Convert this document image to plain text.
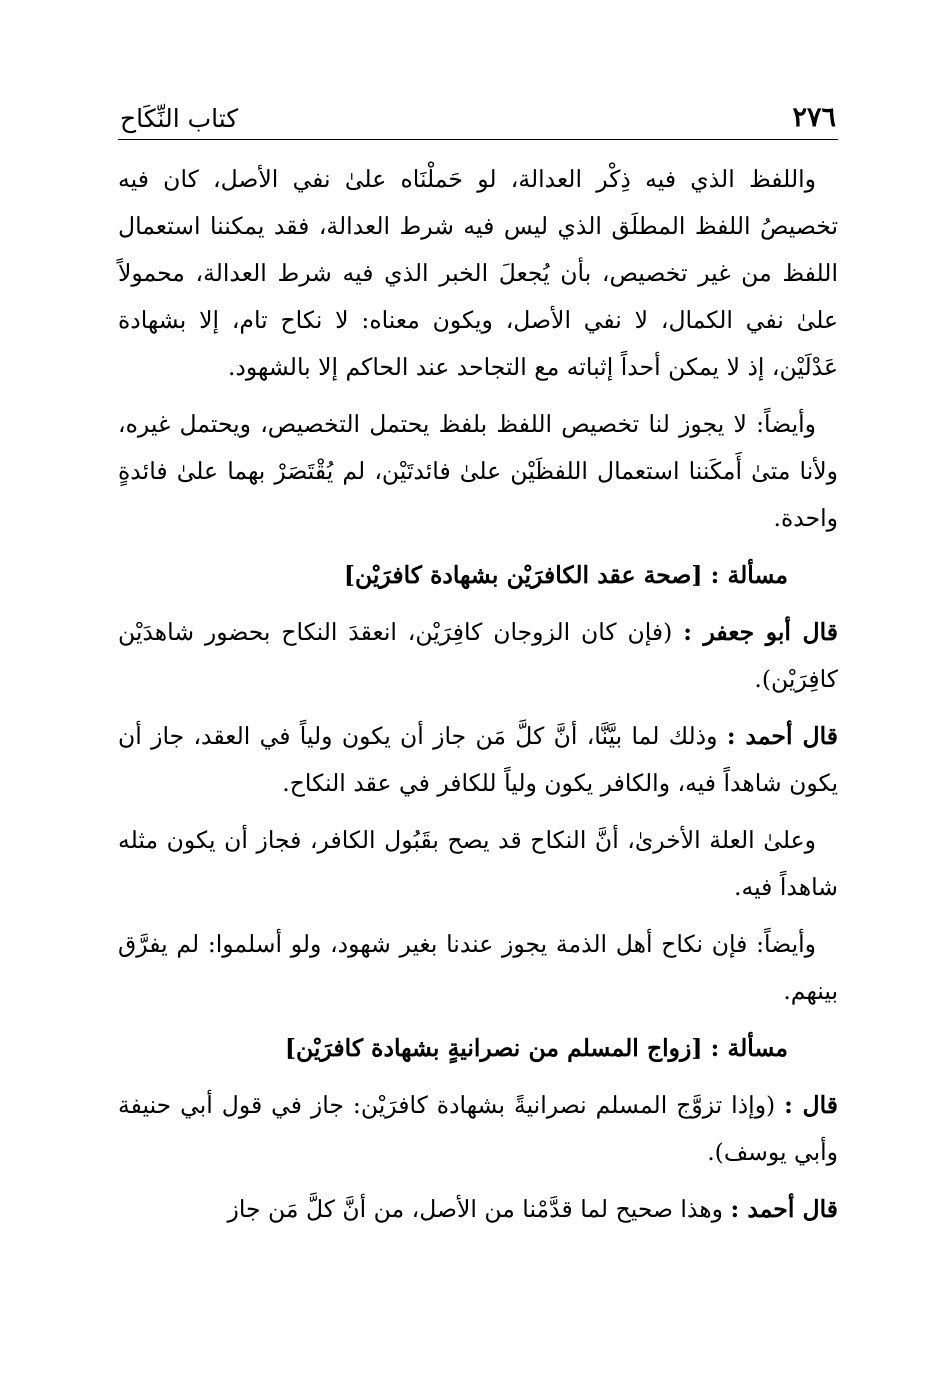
٢٧٦
كتاب النِّكَاح

واللفظ الذي فيه ذِكْر العدالة، لو حَملْنَاه علىٰ نفي الأصل، كان فيه تخصيصُ اللفظ المطلَق الذي ليس فيه شرط العدالة، فقد يمكننا استعمال اللفظ من غير تخصيص، بأن يُجعلَ الخبر الذي فيه شرط العدالة، محمولاً علىٰ نفي الكمال، لا نفي الأصل، ويكون معناه: لا نكاح تام، إلا بشهادة عَدْلَيْن، إذ لا يمكن أحداً إثباته مع التجاحد عند الحاكم إلا بالشهود.

وأيضاً: لا يجوز لنا تخصيص اللفظ بلفظ يحتمل التخصيص، ويحتمل غيره، ولأنا متىٰ أَمكَننا استعمال اللفظَيْن علىٰ فائدتَيْن، لم يُقْتَصَرْ بهما علىٰ فائدةٍ واحدة.

مسألة : [صحة عقد الكافرَيْن بشهادة كافرَيْن]

قال أبو جعفر : (فإن كان الزوجان كافِرَيْن، انعقدَ النكاح بحضور شاهدَيْن كافِرَيْن).

قال أحمد : وذلك لما بيَّنَّا، أنَّ كلَّ مَن جاز أن يكون ولياً في العقد، جاز أن يكون شاهداً فيه، والكافر يكون ولياً للكافر في عقد النكاح.

وعلىٰ العلة الأخرىٰ، أنَّ النكاح قد يصح بقَبُول الكافر، فجاز أن يكون مثله شاهداً فيه.

وأيضاً: فإن نكاح أهل الذمة يجوز عندنا بغير شهود، ولو أسلموا: لم يفرَّق بينهم.

مسألة : [زواج المسلم من نصرانيةٍ بشهادة كافرَيْن]

قال : (وإذا تزوَّج المسلم نصرانيةً بشهادة كافرَيْن: جاز في قول أبي حنيفة وأبي يوسف).

قال أحمد : وهذا صحيح لما قدَّمْنا من الأصل، من أنَّ كلَّ مَن جاز
